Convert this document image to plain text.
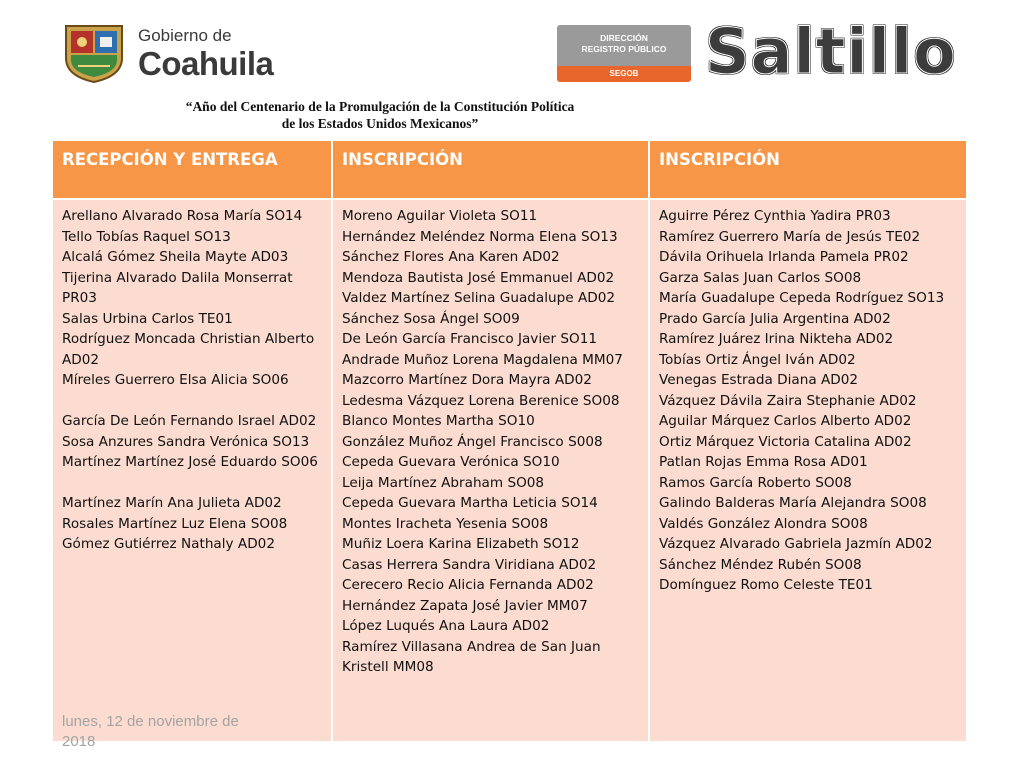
Gobierno de
Coahuila
DIRECCIÓN
REGISTRO PÚBLICO
SEGOB	Saltillo
“Año del Centenario de la Promulgación de la Constitución Política
de los Estados Unidos Mexicanos”
RECEPCIÓN Y ENTREGA
Arellano Alvarado Rosa María SO14
Tello Tobías Raquel SO13
Alcalá Gómez Sheila Mayte AD03
Tijerina Alvarado Dalila Monserrat PR03
Salas Urbina Carlos TE01
Rodríguez Moncada Christian Alberto AD02
Míreles Guerrero Elsa Alicia SO06
García De León Fernando Israel AD02
Sosa Anzures Sandra Verónica SO13
Martínez Martínez José Eduardo SO06
Martínez Marín Ana Julieta AD02
Rosales Martínez Luz Elena SO08
Gómez Gutiérrez Nathaly AD02
INSCRIPCIÓN
Moreno Aguilar Violeta SO11
Hernández Meléndez Norma Elena SO13
Sánchez Flores Ana Karen AD02
Mendoza Bautista José Emmanuel AD02
Valdez Martínez Selina Guadalupe AD02
Sánchez Sosa Ángel SO09
De León García Francisco Javier SO11
Andrade Muñoz Lorena Magdalena MM07
Mazcorro Martínez Dora Mayra AD02
Ledesma Vázquez Lorena Berenice SO08
Blanco Montes Martha SO10
González Muñoz Ángel Francisco S008
Cepeda Guevara Verónica SO10
Leija Martínez Abraham SO08
Cepeda Guevara Martha Leticia SO14
Montes Iracheta Yesenia SO08
Muñiz Loera Karina Elizabeth SO12
Casas Herrera Sandra Viridiana AD02
Cerecero Recio Alicia Fernanda AD02
Hernández Zapata José Javier MM07
López Luqués Ana Laura AD02
Ramírez Villasana Andrea de San Juan Kristell MM08
INSCRIPCIÓN
Aguirre Pérez Cynthia Yadira PR03
Ramírez Guerrero María de Jesús TE02
Dávila Orihuela Irlanda Pamela PR02
Garza Salas Juan Carlos SO08
María Guadalupe Cepeda Rodríguez SO13
Prado García Julia Argentina AD02
Ramírez Juárez Irina Nikteha AD02
Tobías Ortiz Ángel Iván AD02
Venegas Estrada Diana AD02
Vázquez Dávila Zaira Stephanie AD02
Aguilar Márquez Carlos Alberto AD02
Ortiz Márquez Victoria Catalina AD02
Patlan Rojas Emma Rosa AD01
Ramos García Roberto SO08
Galindo Balderas María Alejandra SO08
Valdés González Alondra SO08
Vázquez Alvarado Gabriela Jazmín AD02
Sánchez Méndez Rubén SO08
Domínguez Romo Celeste TE01
lunes, 12 de noviembre de 2018
